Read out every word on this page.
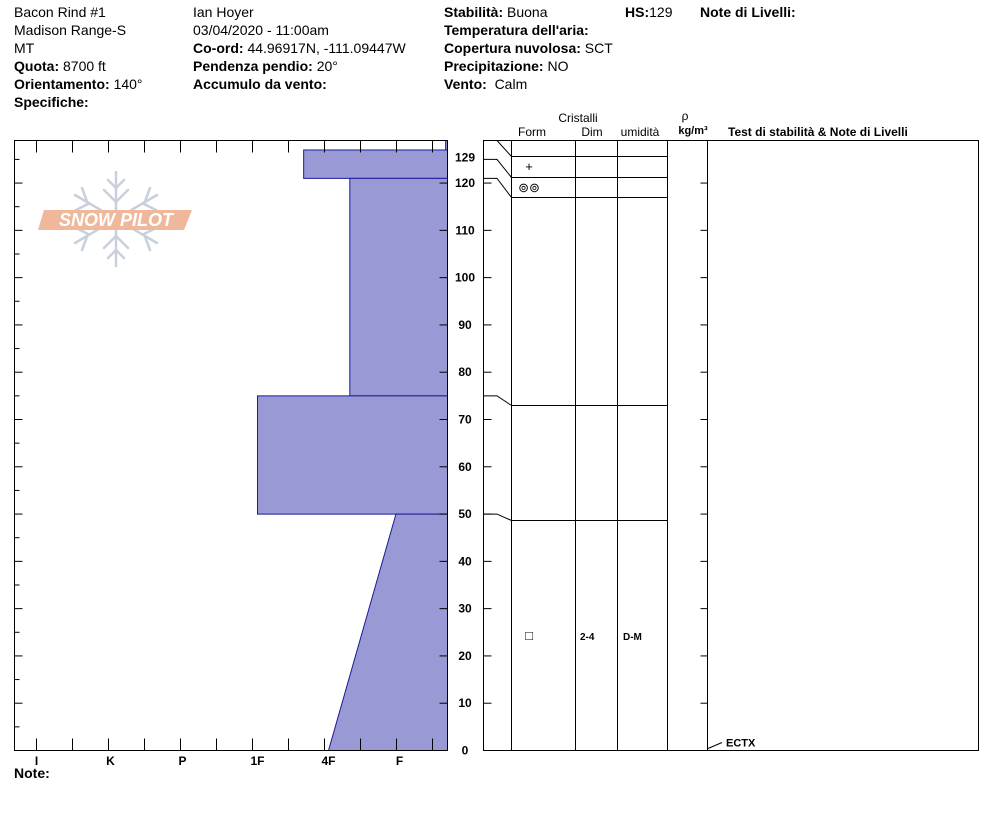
Bacon Rind #1
Madison Range-S
MT
Quota: 8700 ft
Orientamento: 140°
Specifiche:
Ian Hoyer
03/04/2020 - 11:00am
Co-ord: 44.96917N, -111.09447W
Pendenza pendio: 20°
Accumulo da vento:
Stabilità: Buona
Temperatura dell'aria:
Copertura nuvolosa: SCT
Precipitazione: NO
Vento: Calm
HS:129 Note di Livelli:
SNOW PILOT
I	K	P	1F	4F	F
0
10
20
30
40
50
60
70
80
90
100
110
120
129
+
⊚⊚
□	2-4	D-M
ECTX
Cristalli
Form	Dim umidità
ρ
kg/m³ Test di stabilità & Note di Livelli
Note:
